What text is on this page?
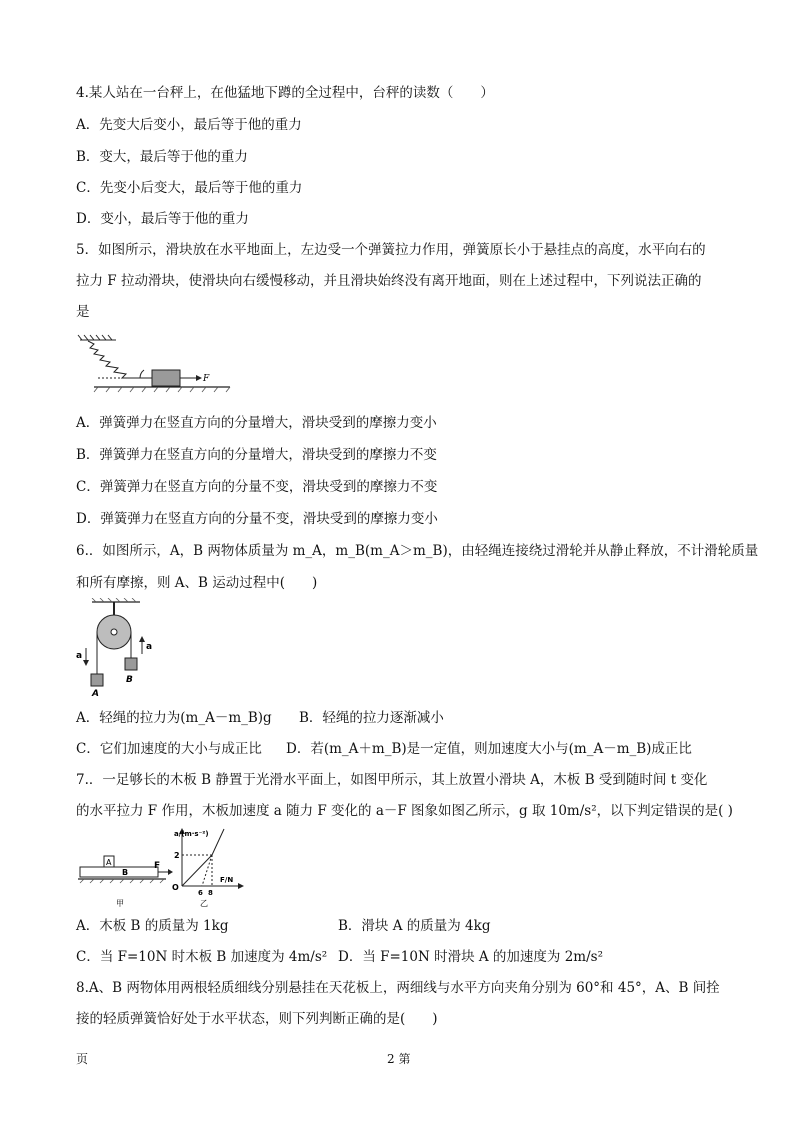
4.某人站在一台秤上，在他猛地下蹲的全过程中，台秤的读数（　　）
A．先变大后变小，最后等于他的重力
B．变大，最后等于他的重力
C．先变小后变大，最后等于他的重力
D．变小，最后等于他的重力
5．如图所示，滑块放在水平地面上，左边受一个弹簧拉力作用，弹簧原长小于悬挂点的高度，水平向右的
拉力 F 拉动滑块，使滑块向右缓慢移动，并且滑块始终没有离开地面，则在上述过程中，下列说法正确的
是
F
A．弹簧弹力在竖直方向的分量增大，滑块受到的摩擦力变小
B．弹簧弹力在竖直方向的分量增大，滑块受到的摩擦力不变
C．弹簧弹力在竖直方向的分量不变，滑块受到的摩擦力不变
D．弹簧弹力在竖直方向的分量不变，滑块受到的摩擦力变小
6.．如图所示，A，B 两物体质量为 m_A，m_B(m_A＞m_B)，由轻绳连接绕过滑轮并从静止释放，不计滑轮质量
和所有摩擦，则 A、B 运动过程中(　　)
a
a
A
B
A．轻绳的拉力为(m_A－m_B)g B．轻绳的拉力逐渐减小
C．它们加速度的大小与成正比 D．若(m_A＋m_B)是一定值，则加速度大小与(m_A－m_B)成正比
7.．一足够长的木板 B 静置于光滑水平面上，如图甲所示，其上放置小滑块 A，木板 B 受到随时间 t 变化
的水平拉力 F 作用，木板加速度 a 随力 F 变化的 a－F 图象如图乙所示，g 取 10m/s²，以下判定错误的是( )
A
B
F
甲
a/(m·s⁻²)
F/N
O
2
6 8
乙
A．木板 B 的质量为 1kg	B．滑块 A 的质量为 4kg
C．当 F=10N 时木板 B 加速度为 4m/s² D．当 F=10N 时滑块 A 的加速度为 2m/s²
8.A、B 两物体用两根轻质细线分别悬挂在天花板上，两细线与水平方向夹角分别为 60°和 45°，A、B 间拴
接的轻质弹簧恰好处于水平状态，则下列判断正确的是(　　)
页	2 第
